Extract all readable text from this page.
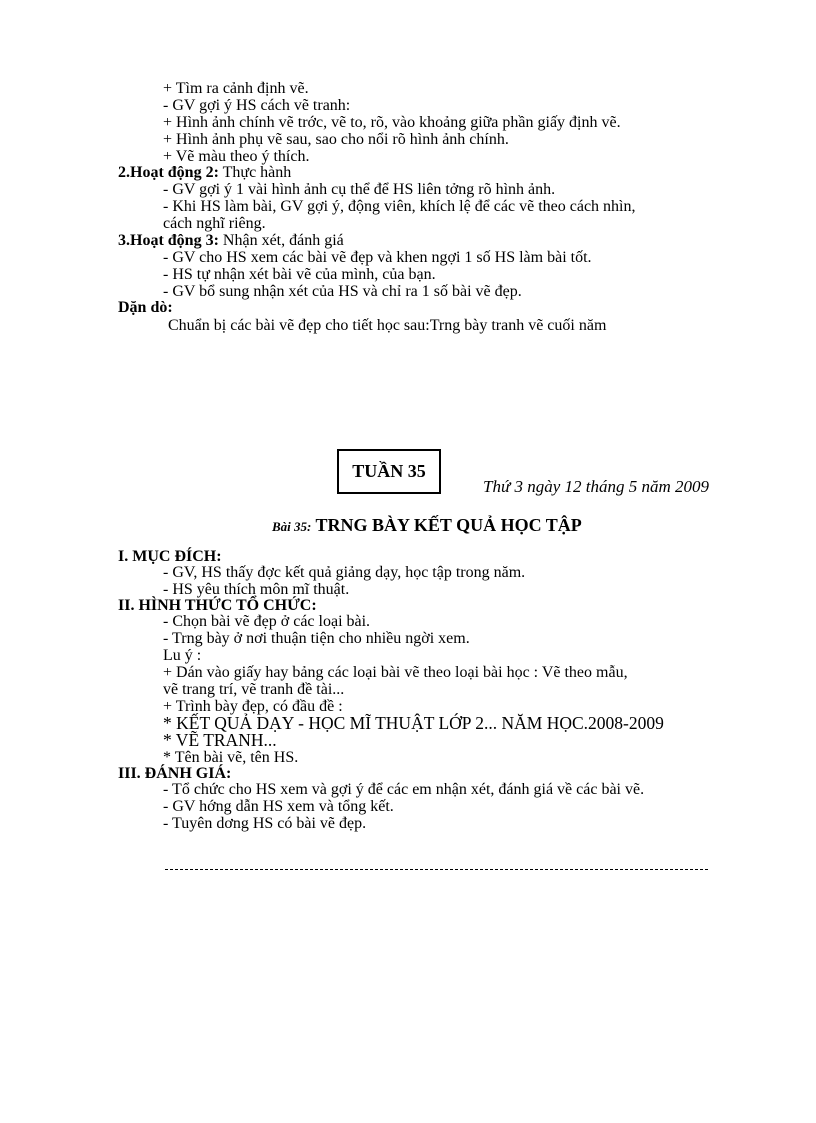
+ Tìm ra cảnh định vẽ.
- GV gợi ý HS cách vẽ tranh:
+ Hình ảnh chính vẽ trớc, vẽ to, rõ, vào khoảng giữa phần giấy định vẽ.
+ Hình ảnh phụ vẽ sau, sao cho nổi rõ hình ảnh chính.
+ Vẽ màu theo ý thích.
2.Hoạt động 2: Thực hành
- GV gợi ý 1 vài hình ảnh cụ thể để HS liên tởng rõ hình ảnh.
- Khi HS làm bài, GV gợi ý, động viên, khích lệ để các vẽ theo cách nhìn,
cách nghĩ riêng.
3.Hoạt động 3: Nhận xét, đánh giá
- GV cho HS xem các bài vẽ đẹp và khen ngợi 1 số HS làm bài tốt.
- HS tự nhận xét bài vẽ của mình, của bạn.
- GV bổ sung nhận xét của HS và chỉ ra 1 số bài vẽ đẹp.
Dặn dò:
Chuẩn bị các bài vẽ đẹp cho tiết học sau:Trng bày tranh vẽ cuối năm
TUẦN 35
Thứ 3 ngày 12 tháng 5 năm 2009
Bài 35: TRNG BÀY KẾT QUẢ HỌC TẬP
I. MỤC ĐÍCH:
- GV, HS thấy đợc kết quả giảng dạy, học tập trong năm.
- HS yêu thích môn mĩ thuật.
II. HÌNH THỨC TỔ CHỨC:
- Chọn bài vẽ đẹp ở các loại bài.
- Trng bày ở nơi thuận tiện cho nhiều ngời xem.
Lu ý :
+ Dán vào giấy hay bảng các loại bài vẽ theo loại bài học : Vẽ theo mẫu,
vẽ trang trí, vẽ tranh đề tài...
+ Trình bày đẹp, có đầu đề :
* KẾT QUẢ DẠY - HỌC MĨ THUẬT LỚP 2... NĂM HỌC.2008-2009
* VẼ TRANH...
* Tên bài vẽ, tên HS.
III. ĐÁNH GIÁ:
- Tổ chức cho HS xem và gợi ý để các em nhận xét, đánh giá về các bài vẽ.
- GV hớng dẫn HS xem và tổng kết.
- Tuyên dơng HS có bài vẽ đẹp.
